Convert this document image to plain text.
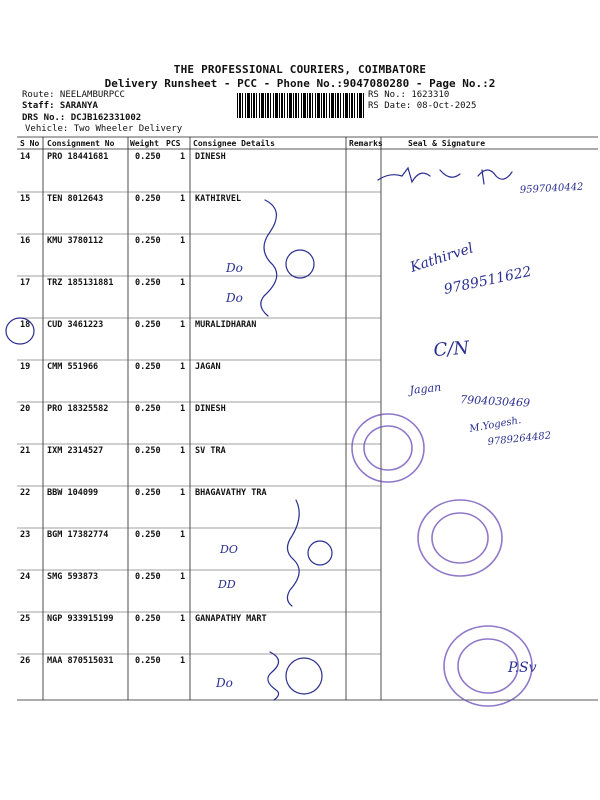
THE PROFESSIONAL COURIERS, COIMBATORE
Delivery Runsheet - PCC - Phone No.:9047080280 - Page No.:2
Route: NEELAMBURPCC
Staff: SARANYA
DRS No.: DCJB162331002
Vehicle: Two Wheeler Delivery
RS No.: 1623310
RS Date: 08-Oct-2025
S No Consignment No Weight PCS Consignee Details	Remarks	Seal & Signature
14 PRO 18441681	0.250 1 DINESH
15 TEN 8012643	0.250 1 KATHIRVEL
16 KMU 3780112	0.250 1
17 TRZ 185131881	0.250 1
18 CUD 3461223	0.250 1 MURALIDHARAN
19 CMM 551966	0.250 1 JAGAN
20 PRO 18325582	0.250 1 DINESH
21 IXM 2314527	0.250 1 SV TRA
22 BBW 104099	0.250 1 BHAGAVATHY TRA
23 BGM 17382774	0.250 1
24 SMG 593873	0.250 1
25 NGP 933915199	0.250 1 GANAPATHY MART
26 MAA 870515031	0.250 1
9597040442
Kathirvel
9789511622
C/N
Jagan
7904030469
M.Yogesh.
9789264482
Do
Do
DO
DD
Do
P.Sv
